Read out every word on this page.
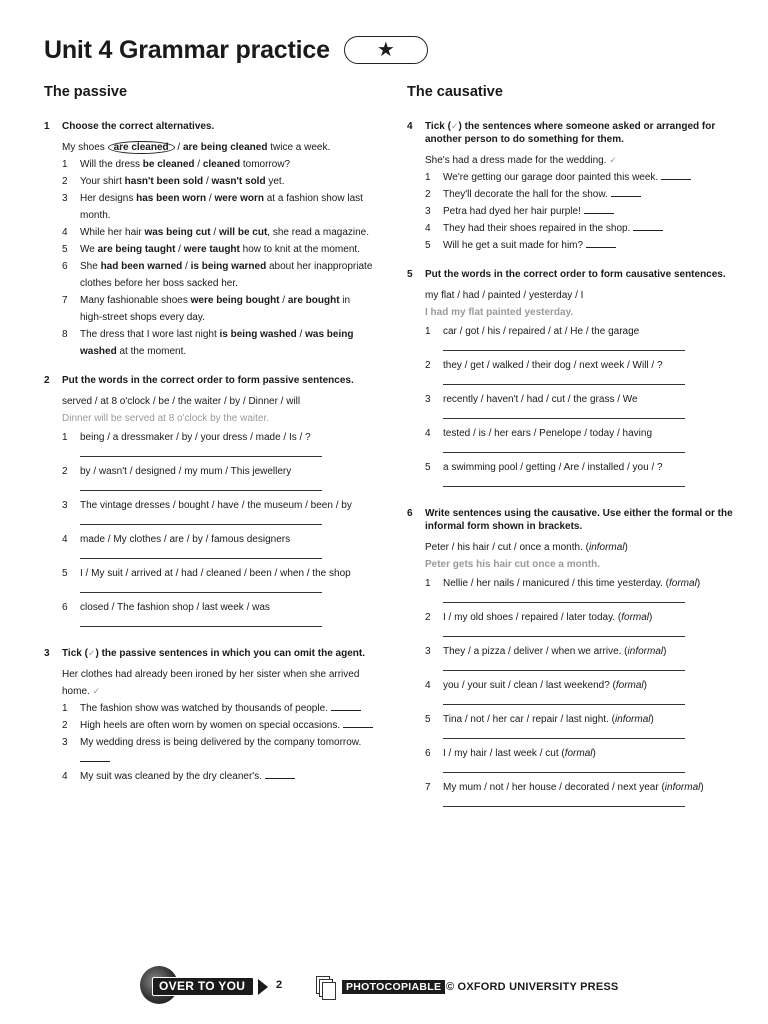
Unit 4 Grammar practice ★
The passive
1	Choose the correct alternatives.
My shoes are cleaned / are being cleaned twice a week.
1	Will the dress be cleaned / cleaned tomorrow?
2	Your shirt hasn't been sold / wasn't sold yet.
3	Her designs has been worn / were worn at a fashion show last month.
4	While her hair was being cut / will be cut, she read a magazine.
5	We are being taught / were taught how to knit at the moment.
6	She had been warned / is being warned about her inappropriate clothes before her boss sacked her.
7	Many fashionable shoes were being bought / are bought in high-street shops every day.
8	The dress that I wore last night is being washed / was being washed at the moment.
2	Put the words in the correct order to form passive sentences.
served / at 8 o'clock / be / the waiter / by / Dinner / will
Dinner will be served at 8 o'clock by the waiter.
1	being / a dressmaker / by / your dress / made / Is / ?
2	by / wasn't / designed / my mum / This jewellery
3	The vintage dresses / bought / have / the museum / been / by
4	made / My clothes / are / by / famous designers
5	I / My suit / arrived at / had / cleaned / been / when / the shop
6	closed / The fashion shop / last week / was
3	Tick (✓) the passive sentences in which you can omit the agent.
Her clothes had already been ironed by her sister when she arrived home. ✓
1	The fashion show was watched by thousands of people.
2	High heels are often worn by women on special occasions.
3	My wedding dress is being delivered by the company tomorrow.
4	My suit was cleaned by the dry cleaner's.
The causative
4	Tick (✓) the sentences where someone asked or arranged for another person to do something for them.
She's had a dress made for the wedding. ✓
1	We're getting our garage door painted this week.
2	They'll decorate the hall for the show.
3	Petra had dyed her hair purple!
4	They had their shoes repaired in the shop.
5	Will he get a suit made for him?
5	Put the words in the correct order to form causative sentences.
my flat / had / painted / yesterday / I
I had my flat painted yesterday.
1	car / got / his / repaired / at / He / the garage
2	they / get / walked / their dog / next week / Will / ?
3	recently / haven't / had / cut / the grass / We
4	tested / is / her ears / Penelope / today / having
5	a swimming pool / getting / Are / installed / you / ?
6	Write sentences using the causative. Use either the formal or the informal form shown in brackets.
Peter / his hair / cut / once a month. (informal)
Peter gets his hair cut once a month.
1	Nellie / her nails / manicured / this time yesterday. (formal)
2	I / my old shoes / repaired / later today. (formal)
3	They / a pizza / deliver / when we arrive. (informal)
4	you / your suit / clean / last weekend? (formal)
5	Tina / not / her car / repair / last night. (informal)
6	I / my hair / last week / cut (formal)
7	My mum / not / her house / decorated / next year (informal)
OVER TO YOU	2	PHOTOCOPIABLE © OXFORD UNIVERSITY PRESS
